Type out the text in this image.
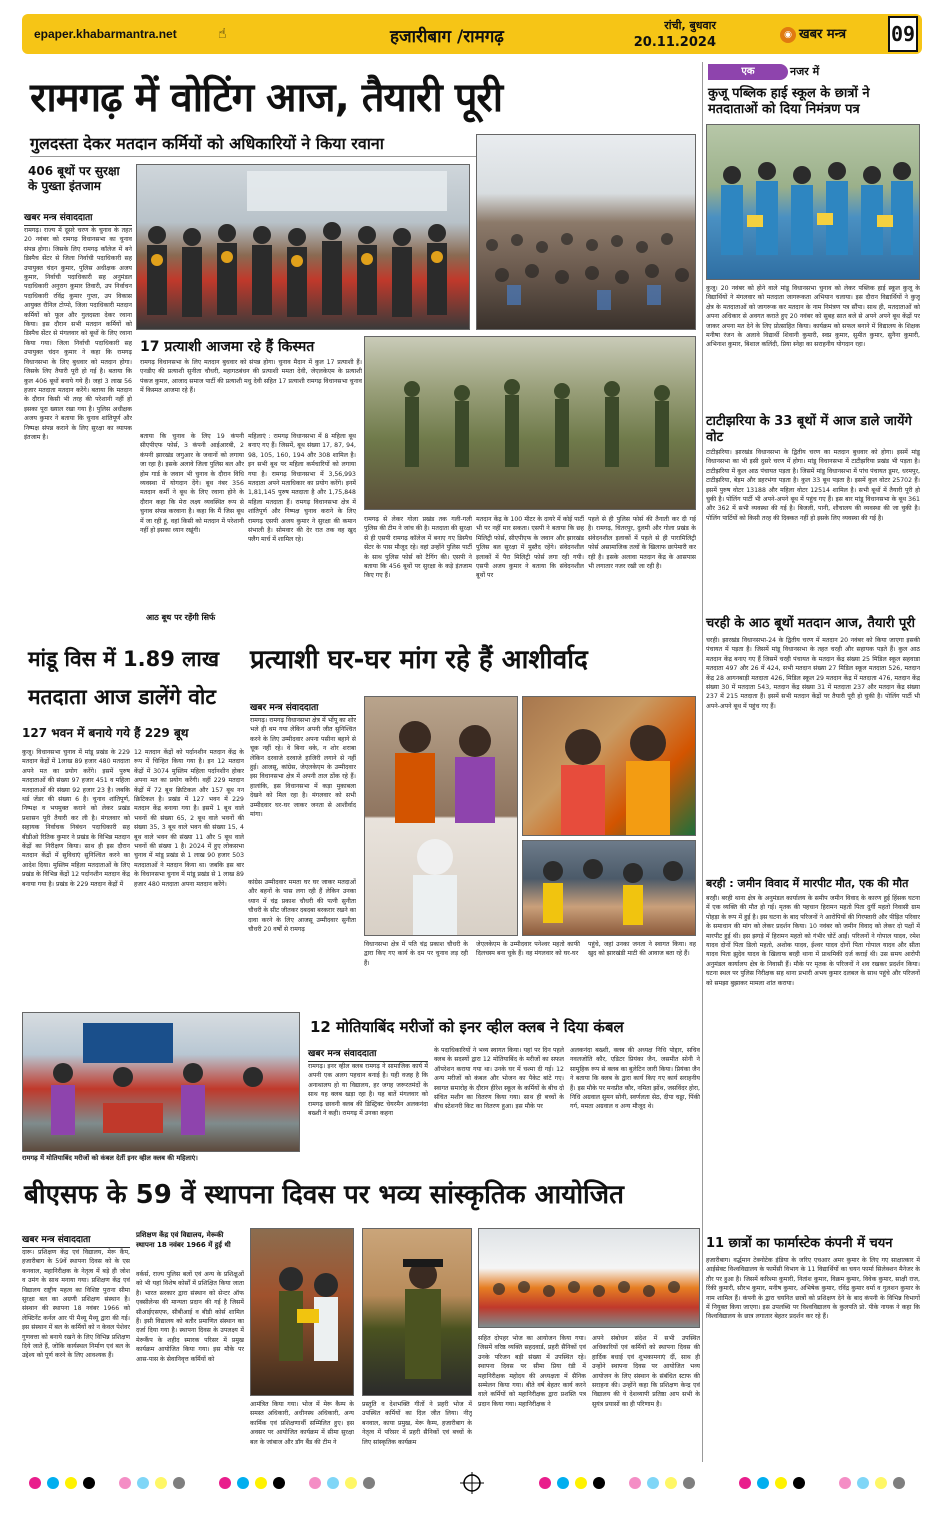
epaper.khabarmantra.net	☝	हजारीबाग /रामगढ़
रांची, बुधवार
20.11.2024
◉ खबर मन्त्र 09
रामगढ़ में वोटिंग आज, तैयारी पूरी
गुलदस्ता देकर मतदान कर्मियों को अधिकारियों ने किया रवाना
406 बूथों पर सुरक्षा के पुख्ता इंतजाम
खबर मन्त्र संवाददाता
रामगढ़। राज्य में दूसरे चरण के चुनाव के तहत 20 नवंबर को रामगढ़ विधानसभा का चुनाव संपन्न होगा। जिसके लिए रामगढ़ कॉलेज में बने डिस्पैच सेंटर से जिला निर्वाची पदाधिकारी सह उपायुक्त चंदन कुमार, पुलिस अधीक्षक अजय कुमार, निर्वाची पदाधिकारी सह अनुमंडल पदाधिकारी अनुराग कुमार तिवारी, उप निर्वाचन पदाधिकारी रविंद्र कुमार गुप्ता, उप विकास आयुक्त रौनिल टोप्पो, जिला पदाधिकारी मतदान कर्मियों को फूल और गुलदस्ता देकर रवाना किया। इस दौरान सभी मतदान कर्मियों को डिस्पैच सेंटर से मंगलवार को बूथों के लिए रवाना किया गया। जिला निर्वाची पदाधिकारी सह उपायुक्त चंदन कुमार ने कहा कि रामगढ़ विधानसभा के लिए बुधवार को मतदान होगा। जिसके लिए तैयारी पूरी हो गई है। बताया कि कुल 406 बूथों बनाये गये हैं। जहां 3 लाख 56 हजार मतदाता मतदान करेंगे। बताया कि मतदान के दौरान किसी भी तरह की परेशानी नहीं हो इसका पूरा ख्याल रखा गया है। पुलिस अधीक्षक अजय कुमार ने बताया कि चुनाव शांतिपूर्ण और निष्पक्ष संपन्न कराने के लिए सुरक्षा का व्यापक इंतजाम है।
17 प्रत्याशी आजमा रहे हैं किस्मत
रामगढ़ विधानसभा के लिए मतदान बुधवार को संपन्न होगा। चुनाव मैदान में कुल 17 प्रत्याशी हैं। एनडीए की प्रत्याशी सुनीता चौधरी, महागठबंधन की प्रत्याशी ममता देवी, जेएलकेएम के प्रत्याशी पंकज कुमार, आजाद समाज पार्टी की प्रत्याशी मधु देवी सहित 17 प्रत्याशी रामगढ़ विधानसभा चुनाव में किस्मत आजमा रहे हैं।
बताया कि चुनाव के लिए 19 कंपनी सीएपीएफ फोर्स, 3 कंपनी आईआरबी, 2 कंपनी झारखंड जगुआर के जवानों को लगाया जा रहा है। इसके अलावे जिला पुलिस बल और होम गार्ड के जवान भी चुनाव के दौरान विधि व्यवस्था में योगदान देंगे। बूथ नंबर 356 मतदान कर्मी ने बूथ के लिए रवाना होने के दौरान कहा कि मेरा लक्ष्य व्यवस्थित रूप से चुनाव संपन्न करवाना है। कहा कि मैं जिस बूथ में जा रही हूं, वहां किसी को मतदान में परेशानी नहीं हो इसका ध्यान रखूंगी।
आठ बूथ पर रहेंगी सिर्फ
महिलाएं : रामगढ़ विधानसभा में 8 महिला बूथ बनाए गए हैं। जिसमें, बूथ संख्या 17, 87, 94, 98, 105, 160, 194 और 308 शामिल है। इन सभी बूथ पर महिला कर्मचारियों को लगाया गया है। रामगढ़ विधानसभा में 3,56,993 मतदाता अपने मताधिकार का प्रयोग करेंगे। इनमें 1,81,145 पुरुष मतदाता है और 1,75,848 महिला मतदाता हैं। रामगढ़ विधानसभा क्षेत्र में शांतिपूर्ण और निष्पक्ष चुनाव कराने के लिए रामगढ़ एसपी अजय कुमार ने सुरक्षा की कमान संभाली है। सोमवार की देर रात तक वह खुद फ्लैग मार्च में शामिल रहे।
रामगढ़ से लेकर गोला प्रखंड तक गली-गली पुलिस की टीम ने जांच की है। मतदाता की सुरक्षा से ही एसपी रामगढ़ कॉलेज में बनाए गए डिस्पैच सेंटर के पास मौजूद रहे। वहां उन्होंने पुलिस पार्टी के साथ पुलिस फोर्स को टैगिंग की। एसपी ने बताया कि 456 बूथों पर सुरक्षा के कड़े इंतजाम किए गए हैं।
मतदान केंद्र के 100 मीटर के दायरे में कोई पार्टी भी पर नहीं मार सकता। एसपी ने बताया कि छह मिलिट्री फोर्स, सीएपीएफ के जवान और झारखंड पुलिस बल सुरक्षा में मुस्तैद रहेंगे। संवेदनशील इलाकों में पैरा मिलिट्री फोर्स लगा रही गयी। एसपी अजय कुमार ने बताया कि संवेदनशील बूथों पर
पहले से ही पुलिस फोर्स की तैनाती कर दी गई है। रामगढ़, चितरपुर, दुलमी और गोला प्रखंड के संवेदनशील इलाकों में पहले से ही पारामिलिट्री फोर्स असामाजिक तत्वों के खिलाफ छापेमारी कर रही है। इसके अलावा मतदान केंद्र के आसपास भी लगातार नजर रखी जा रही है।
मांडू विस में 1.89 लाख
मतदाता आज डालेंगे वोट
127 भवन में बनाये गये हैं 229 बूथ
कुजू। विधानसभा चुनाव में मांडू प्रखंड के 229 मतदान केंद्रों में 1लाख 89 हजार 480 मतदाता अपने मत का प्रयोग करेंगे। इसमें पुरुष मतदाताओं की संख्या 97 हजार 451 व महिला मतदाताओं की संख्या 92 हजार 23 है। जबकि थर्ड जेंडर की संख्या 6 है। चुनाव शांतिपूर्ण, निष्पक्ष व भयमुक्त कराने को लेकर प्रखंड प्रशासन पूरी तैयारी कर ली है। मंगलवार को सहायक निर्वाचक निबंधन पदाधिकारी सह बीडीओ रितिक कुमार ने प्रखंड के विभिन्न मतदान केंद्रों का निरीक्षण किया। साथ ही इस दौरान मतदान केंद्रों में सुविधाएं सुनिश्चित करने का आदेश दिया। मुस्लिम महिला मतदाताओं के लिए प्रखंड के विभिन्न केंद्रों 12 पर्दानशीन मतदान केंद्र बनाया गया है। प्रखंड के 229 मतदान केंद्रों में
12 मतदान केंद्रों को पर्दानशीन मतदान केंद्र के रूप में चिन्हित किया गया है। इन 12 मतदान केंद्रों में 3074 मुस्लिम महिला पर्दानशीन होकर अपना मत का प्रयोग करेंगी। वहीं 229 मतदान केंद्रों में 72 बूथ क्रिटिकल और 157 बूथ नन क्रिटिकल है। प्रखंड में 127 भवन में 229 मतदान केंद्र बनाया गया है। इसमें 1 बूथ वाले भवनों की संख्या 65, 2 बूथ वाले भवनों की संख्या 35, 3 बूथ वाले भवन की संख्या 15, 4 बूथ वाले भवन की संख्या 11 और 5 बूथ वाले भवनों की संख्या 1 है। 2024 में हुए लोकसभा चुनाव में मांडू प्रखंड से 1 लाख 90 हजार 503 मतदाताओं ने मतदान किया था। जबकि इस बार के विधानसभा चुनाव में मांडू प्रखंड से 1 लाख 89 हजार 480 मतदाता अपना मतदान करेंगे।
प्रत्याशी घर-घर मांग रहे हैं आशीर्वाद
खबर मन्त्र संवाददाता
रामगढ़। रामगढ़ विधानसभा क्षेत्र में भोंपू का शोर भले ही थम गया लेकिन अपनी जीत सुनिश्चित करने के लिए उम्मीदवार अपना पसीना बहाने से चूक नहीं रहे। वे बिना थके, न शोर शराबा लेकिन दरवाजे दरवाजे हाजिरी लगाने से नहीं हुई। आजसू, कांग्रेस, जेएलकेएम के उम्मीदवार इस विधानसभा क्षेत्र में अपनी ताल ठोंक रहे हैं। हालांकि, इस विधानसभा में कड़ा मुकाबला देखने को मिल रहा है। मंगलवार को सभी उम्मीदवार घर-घर जाकर जनता से आशीर्वाद मांगा।
कांग्रेस उम्मीदवार ममता घर घर जाकर मतदाओं और बहनों के पास लगा रही हैं लेकिन उनका ध्यान में चंद्र प्रकाश चौधरी की पत्नी सुनीता चौधरी के सीट जीतकर दबदबा बरकरार रखने का दावा करने के लिए आजसू उम्मीदवार सुनीता चौधरी 20 वर्षों से रामगढ़
विधानसभा क्षेत्र में पति चंद्र प्रकाश चौधरी के द्वारा किए गए कार्य के दम पर चुनाव लड़ रही हैं।
जेएलकेएम के उम्मीदवार पनेश्वर महतो काफी दिलचस्प बना चुके हैं। वह मंगलवार को घर-घर
पहुंचे, जहां उनका जनता ने स्वागत किया। वह खुद को झारखंडी माटी की आवाज बता रहे हैं।
रामगढ़ में मोतियाबिंद मरीजों को कंबल देतीं इनर व्हील क्लब की महिलाएं।
12 मोतियाबिंद मरीजों को इनर व्हील क्लब ने दिया कंबल
खबर मन्त्र संवाददाता
रामगढ़। इनर व्हील क्लब रामगढ़ ने सामाजिक कार्य में अपनी एक अलग पहचान बनाई है। यही वजह है कि अनाथालय हो या विद्यालय, हर जगह जरूरतमंदों के साथ यह क्लब खड़ा रहा है। यह बातें मंगलवार को रामगढ़ छावनी क्लब की डिस्ट्रिक्ट चेयरमैन अलकनंदा बख्शी ने कही। रामगढ़ में उनका कहना
के पदाधिकारियों ने भव्य स्वागत किया। यहां पर दिन पहले क्लब के सदस्यों द्वारा 12 मोतियाबिंद के मरीजों का सफल ऑपरेशन कराया गया था। उनके घर में चश्मा दी गई। 12 अन्य मरीजों को कंबल और भोजन का पैकेट बांटे गए। स्वागत समारोह के दौरान हीरेश स्कूल के कर्मियों के बीच दो संचित मशीन का वितरण किया गया। साथ ही बच्चों के बीच स्टेशनरी किट का वितरण हुआ। इस मौके पर
अलकनंदा बख्शी, क्लब की अध्यक्ष निधि पोद्दार, सचिव नवलजोति कौर, एडिटर प्रियंका जैन, जसमीत सोनी ने सामूहिक रूप से क्लब का बुलेटिन जारी किया। प्रियंका जैन ने बताया कि क्लब के द्वारा कार्य किए गए कार्य सराहनीय हैं। इस मौके पर मनप्रीत कौर, नमिता झोंथ, जसविंदर होरा, निधि अग्रवाल सुमन सोनी, स्वर्णलता सेठ, दीपा चड्डा, पिंकी गर्ग, ममता अग्रवाल व अन्य मौजूद थे।
बीएसफ के 59 वें स्थापना दिवस पर भव्य सांस्कृतिक आयोजित
खबर मन्त्र संवाददाता
दारू। प्रशिक्षण केंद्र एवं विद्यालय, मेरू कैंप, हजारीबाग के 59वें स्थापना दिवस को के एस कनवाल, महानिरीक्षक के नेतृत्व में बड़े ही जोश व उमंग के साथ मनाया गया। प्रशिक्षण केंद्र एवं विद्यालय राष्ट्रीय महत्व का विशिष्ट पुराना सीमा सुरक्षा बल का अग्रणी प्रशिक्षण संस्थान है। संस्थान की स्थापना 18 नवंबर 1966 को लेफ्टिनेंट कर्नल आर पी मैथ्यू मैथ्यू द्वारा की गई। इस संस्थान में बल के कर्मियों को न केवल पेशेवर गुणवत्ता को बनाये रखने के लिए विभिन्न प्रशिक्षण दिये जाते हैं, जोकि कार्यस्थल निर्माण एवं बल के उद्देश्य को पूर्ण करने के लिए आवश्यक हैं।
प्रशिक्षण केंद्र एवं विद्यालय, मेरूकी स्थापना 18 नवंबर 1966 में हुई थी
वर्कर्स, राज्य पुलिस बलों एवं अन्य के प्रशिक्षुओं को भी यहां विशेष कोर्सों में प्रशिक्षित किया जाता है। भारत सरकार द्वारा संस्थान को सेन्टर ऑफ एक्सीलेन्स की मान्यता प्रदान की गई है जिसमें सीआईएसएफ, सीबीआई व बीडी कोर्स शामिल हैं। इसी विद्यालय को बतौर प्रमाणित संस्थान का दर्जा दिया गया है। स्थापना दिवस के उपलक्ष्य में मेरूकैंप के शहीद स्मारक परिसर में प्रमुख कार्यक्रम आयोजित किया गया। इस मौके पर आस-पास के सेवानिवृत्त कर्मियों को
आमंत्रित किया गया। भोज में मेरू कैम्प के समस्त अधिकारी, अधीनस्थ अधिकारी, अन्य कार्मिक एवं प्रशिक्षणार्थी सम्मिलित हुए। इस अवसर पर आयोजित कार्यक्रम में सीमा सुरक्षा बल के जांबाज और डॉग बैंड की टीम ने
प्रस्तुति व देशभक्ति गीतों ने प्रहरी भोज में उपस्थित कर्मियों का दिल जीत लिया। नीतू बनवाल, काया प्रमुख, मेरू कैम्प, हजारीबाग के नेतृत्व में परिसर में प्रहरी सैनिकों एवं बच्चों के लिए सांस्कृतिक कार्यक्रम
सहित दोपहर भोज का आयोजन किया गया। जिसमें वरिष्ठ व्यक्ति सहदवार्ड, प्रहरी सैनिकों एवं उनके परिजन बड़ी संख्या में उपस्थित रहे। स्थापना दिवस पर सीमा प्रिया रंडी में महानिरीक्षक महोदय की अध्यक्षता में सैनिक सम्मेलन किया गया। बीते वर्ष बेहतर कार्य करने वाले कर्मियों को महानिरीक्षक द्वारा प्रशस्ति पत्र प्रदान किया गया। महानिरीक्षक ने
अपने संबोधन संदेश में सभी उपस्थित अधिकारियों एवं कर्मियों को स्थापना दिवस की हार्दिक बधाई एवं शुभकामनाएं दीं, साथ ही उन्होंने स्थापना दिवस पर आयोजित भव्य आयोजन के लिए संस्थान के संबंधित स्टाफ की सराहना की। उन्होंने कहा कि प्रशिक्षण केन्द्र एवं विद्यालय की ये देशव्यापी प्रतिष्ठा आप सभी के सुयंत्र प्रयासों का ही परिणाम है।
एक	नजर में
कुजू पब्लिक हाई स्कूल के छात्रों ने मतदाताओं को दिया निमंत्रण पत्र
कुजू। 20 नवंबर को होने वाले मांडू विधानसभा चुनाव को लेकर पब्लिक हाई स्कूल कुजू के विद्यार्थियों ने मंगलवार को मतदाता जागरूकता अभियान चलाया। इस दौरान विद्यार्थियों ने कुजू क्षेत्र के मतदाताओं को जागरूक कर मतदान के नाम निमंत्रण पत्र सौंपा। साथ ही, मतदाताओं को अपना अधिकार से अवगत कराते हुए 20 नवंबर को सुबह सात बजे से अपने अपने बूथ केंद्रों पर जाकर अपना मत देने के लिए प्रोत्साहित किया। कार्यक्रम को सफल बनाने में विद्यालय के शिक्षक मनीषा रंजन के अलावे विद्यार्थी शिवानी कुमारी, स्वप्न कुमार, सुमीत कुमार, सुनैना कुमारी, अभिनाश कुमार, बिशाल कलिंदी, प्रिया स्नेहा का सराहनीय योगदान रहा।
टाटीझरिया के 33 बूथों में आज डाले जायेंगे वोट
टाटीझरिया। झारखंड विधानसभा के द्वितीय चरण का मतदान बुधवार को होगा। इसमें मांडू विधानसभा का भी इसी दुसरे चरण में होगा। मांडू विधानसभा में टाटीझरिया प्रखंड भी पड़ता है। टाटीझरिया में कुल आठ पंचायत पड़ता है। जिसमें मांडू विधानसभा में पांच पंचायत डूमर, धरमपुर, टाटीझरिया, बेड़म और डहरभंगा पड़ता है। कुल 33 बूथ पड़ता है। इसमें कुल वोटर 25702 हैं। इसमें पुरुष वोटर 13188 और महिला वोटर 12514 शामिल है। सभी बूथों में तैयारी पूरी हो चुकी है। पोलिंग पार्टी भी अपने-अपने बूथ में पहुंच गए हैं। इस बार मांडू विधानसभा के बूथ 361 और 362 में सभी व्यवस्था की गई है। बिजली, पानी, शौचालय की व्यवस्था की जा चुकी है। पोलिंग पार्टियों को किसी तरह की दिक्कत नहीं हो इसके लिए व्यवस्था की गई है।
चरही के आठ बूथों मतदान आज, तैयारी पूरी
चरही। झारखंड विधानसभा-24 के द्वितीय चरण में मतदान 20 नवंबर को किया जाएगा इसकी पंचायत में पड़ता है। जिसमें मांडू विधानसभा के तहत चरही और सहायक पड़ते हैं। कुल आठ मतदान केंद्र बनाए गए हैं जिसमें चरही पंचायत के मतदान केंद्र संख्या 25 मिडिल स्कूल सहवाडा मतदाता 497 और 26 में 424, सभी मतदान संख्या 27 मिडिल स्कूल मतदाता 526, मतदान केंद्र 28 आगनबाड़ी मतदाता 426, मिडिल स्कूल 29 मतदान केंद्र में मतदाता 476, मतदान केंद्र संख्या 30 में मतदाता 543, मतदान केंद्र संख्या 31 में मतदाता 237 और मतदान केंद्र संख्या 237 में 215 मतदाता हैं। इसमें सभी मतदान केंद्रों पर तैयारी पूरी हो चुकी है। पोलिंग पार्टी भी अपने-अपने बूथ में पहुंच गए हैं।
बरही : जमीन विवाद में मारपीट मौत, एक की मौत
बरही। बरही थाना क्षेत्र के अनुमंडल कार्यालय के समीप जमीन विवाद के कारण हुई हिंसक घटना में एक व्यक्ति की मौत हो गई। मृतक की पहचान हिरामन महतो पिता दुर्गी महतो निवासी ग्राम पोहड़ा के रूप में हुई है। इस घटना के बाद परिजनों ने आरोपियों की गिरफ्तारी और पीड़ित परिवार के समाधान की मांग को लेकर प्रदर्शन किया। 10 नवंबर को जमीन विवाद को लेकर दो पक्षों में मारपीट हुई थी। इस झगड़े में हिरामन महतो को गंभीर चोटें आईं। परिजनों ने गोपाल यादव, रमेश यादव दोनों पिता डिलो महतो, अशोक यादव, ईश्वर यादव दोनों पिता गोपाल यादव और सीता यादव पिता झुदेव यादव के खिलाफ बरही थाना में प्राथमिकी दर्ज कराई थी। उस समय आरोपी अनुमंडल कार्यालय क्षेत्र के निवासी हैं। मौके पर मृतक के परिजनों ने शव रखकर प्रदर्शन किया। घटना स्थल पर पुलिस निरीक्षक सह थाना प्रभारी अभय कुमार दलबल के साथ पहुंचे और परिजनों को समझा बुझाकर मामला शांत कराया।
11 छात्रों का फार्मास्टेक कंपनी में चयन
हजारीबाग। वर्द्धमान टेक्नोटेक इंडिया के जरिए एचआर अमर कुमार के लिए गए साक्षात्कार में आईसेक्ट विश्वविद्यालय के फार्मेसी विभाग के 11 विद्यार्थियों का चयन फार्मा सिलेक्शन मैनेजर के तौर पर हुआ है। जिसमें करिश्मा कुमारी, नितांश कुमार, विक्रम कुमार, विवेक कुमार, साक्षी राज, रिंकी कुमारी, सौरभ कुमार, मनीष कुमार, अभिषेक कुमार, रविंद्र कुमार वर्मा व गुलशन कुमार के नाम शामिल हैं। कंपनी के द्वारा चयनित छात्रों को प्रशिक्षण देने के बाद कंपनी के विभिन्न विभागों में नियुक्त किया जाएगा। इस उपलब्धि पर विश्वविद्यालय के कुलपति प्रो. पीके नायक ने कहा कि विश्वविद्यालय के छात्र लगातार बेहतर प्रदर्शन कर रहे हैं।
